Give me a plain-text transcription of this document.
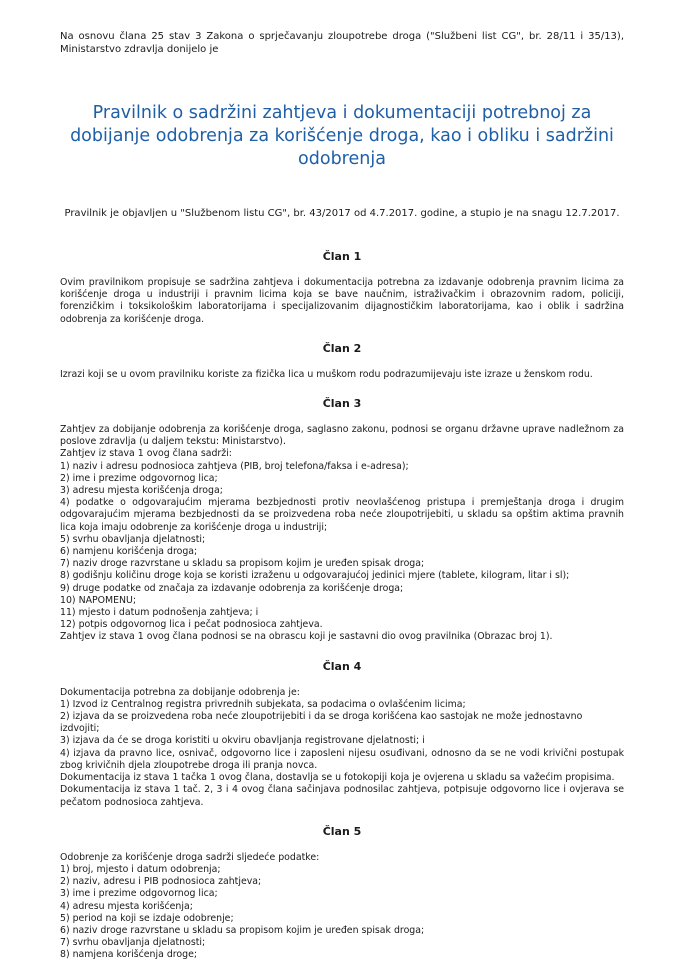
Na osnovu člana 25 stav 3 Zakona o sprječavanju zloupotrebe droga ("Službeni list CG", br. 28/11 i 35/13), Ministarstvo zdravlja donijelo je

Pravilnik o sadržini zahtjeva i dokumentaciji potrebnoj za dobijanje odobrenja za korišćenje droga, kao i obliku i sadržini odobrenja

Pravilnik je objavljen u "Službenom listu CG", br. 43/2017 od 4.7.2017. godine, a stupio je na snagu 12.7.2017.

Član 1

Ovim pravilnikom propisuje se sadržina zahtjeva i dokumentacija potrebna za izdavanje odobrenja pravnim licima za korišćenje droga u industriji i pravnim licima koja se bave naučnim, istraživačkim i obrazovnim radom, policiji, forenzičkim i toksikološkim laboratorijama i specijalizovanim dijagnostičkim laboratorijama, kao i oblik i sadržina odobrenja za korišćenje droga.

Član 2

Izrazi koji se u ovom pravilniku koriste za fizička lica u muškom rodu podrazumijevaju iste izraze u ženskom rodu.

Član 3

Zahtjev za dobijanje odobrenja za korišćenje droga, saglasno zakonu, podnosi se organu državne uprave nadležnom za poslove zdravlja (u daljem tekstu: Ministarstvo).

Zahtjev iz stava 1 ovog člana sadrži:

1) naziv i adresu podnosioca zahtjeva (PIB, broj telefona/faksa i e-adresa);

2) ime i prezime odgovornog lica;

3) adresu mjesta korišćenja droga;

4) podatke o odgovarajućim mjerama bezbjednosti protiv neovlašćenog pristupa i premještanja droga i drugim odgovarajućim mjerama bezbjednosti da se proizvedena roba neće zloupotrijebiti, u skladu sa opštim aktima pravnih lica koja imaju odobrenje za korišćenje droga u industriji;

5) svrhu obavljanja djelatnosti;

6) namjenu korišćenja droga;

7) naziv droge razvrstane u skladu sa propisom kojim je uređen spisak droga;

8) godišnju količinu droge koja se koristi izraženu u odgovarajućoj jedinici mjere (tablete, kilogram, litar i sl);

9) druge podatke od značaja za izdavanje odobrenja za korišćenje droga;

10) NAPOMENU;

11) mjesto i datum podnošenja zahtjeva; i

12) potpis odgovornog lica i pečat podnosioca zahtjeva.

Zahtjev iz stava 1 ovog člana podnosi se na obrascu koji je sastavni dio ovog pravilnika (Obrazac broj 1).

Član 4

Dokumentacija potrebna za dobijanje odobrenja je:

1) Izvod iz Centralnog registra privrednih subjekata, sa podacima o ovlašćenim licima;

2) izjava da se proizvedena roba neće zloupotrijebiti i da se droga korišćena kao sastojak ne može jednostavno izdvojiti;

3) izjava da će se droga koristiti u okviru obavljanja registrovane djelatnosti; i

4) izjava da pravno lice, osnivač, odgovorno lice i zaposleni nijesu osuđivani, odnosno da se ne vodi krivični postupak zbog krivičnih djela zloupotrebe droga ili pranja novca.

Dokumentacija iz stava 1 tačka 1 ovog člana, dostavlja se u fotokopiji koja je ovjerena u skladu sa važećim propisima.

Dokumentacija iz stava 1 tač. 2, 3 i 4 ovog člana sačinjava podnosilac zahtjeva, potpisuje odgovorno lice i ovjerava se pečatom podnosioca zahtjeva.

Član 5

Odobrenje za korišćenje droga sadrži sljedeće podatke:

1) broj, mjesto i datum odobrenja;

2) naziv, adresu i PIB podnosioca zahtjeva;

3) ime i prezime odgovornog lica;

4) adresu mjesta korišćenja;

5) period na koji se izdaje odobrenje;

6) naziv droge razvrstane u skladu sa propisom kojim je uređen spisak droga;

7) svrhu obavljanja djelatnosti;

8) namjena korišćenja droge;
